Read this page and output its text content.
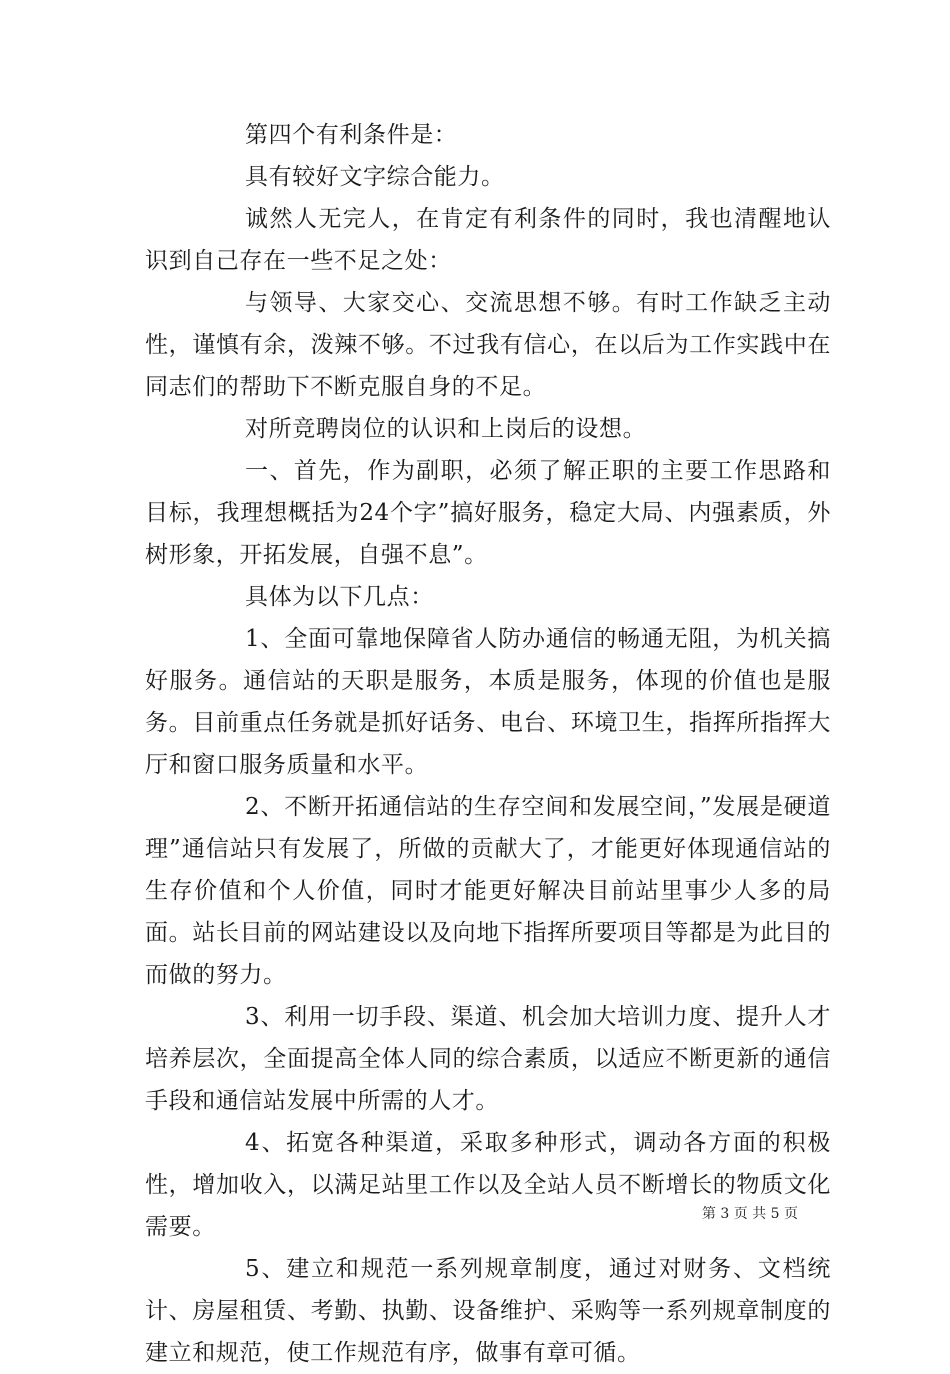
第四个有利条件是：

具有较好文字综合能力。

诚然人无完人，在肯定有利条件的同时，我也清醒地认识到自己存在一些不足之处：

与领导、大家交心、交流思想不够。有时工作缺乏主动性，谨慎有余，泼辣不够。不过我有信心，在以后为工作实践中在同志们的帮助下不断克服自身的不足。

对所竞聘岗位的认识和上岗后的设想。

一、首先，作为副职，必须了解正职的主要工作思路和目标，我理想概括为24个字”搞好服务，稳定大局、内强素质，外树形象，开拓发展，自强不息”。

具体为以下几点：

1、全面可靠地保障省人防办通信的畅通无阻，为机关搞好服务。通信站的天职是服务，本质是服务，体现的价值也是服务。目前重点任务就是抓好话务、电台、环境卫生，指挥所指挥大厅和窗口服务质量和水平。

2、不断开拓通信站的生存空间和发展空间，”发展是硬道理”通信站只有发展了，所做的贡献大了，才能更好体现通信站的生存价值和个人价值，同时才能更好解决目前站里事少人多的局面。站长目前的网站建设以及向地下指挥所要项目等都是为此目的而做的努力。

3、利用一切手段、渠道、机会加大培训力度、提升人才培养层次，全面提高全体人同的综合素质，以适应不断更新的通信手段和通信站发展中所需的人才。

4、拓宽各种渠道，采取多种形式，调动各方面的积极性，增加收入，以满足站里工作以及全站人员不断增长的物质文化需要。

5、建立和规范一系列规章制度，通过对财务、文档统计、房屋租赁、考勤、执勤、设备维护、采购等一系列规章制度的建立和规范，使工作规范有序，做事有章可循。

第 3 页 共 5 页
